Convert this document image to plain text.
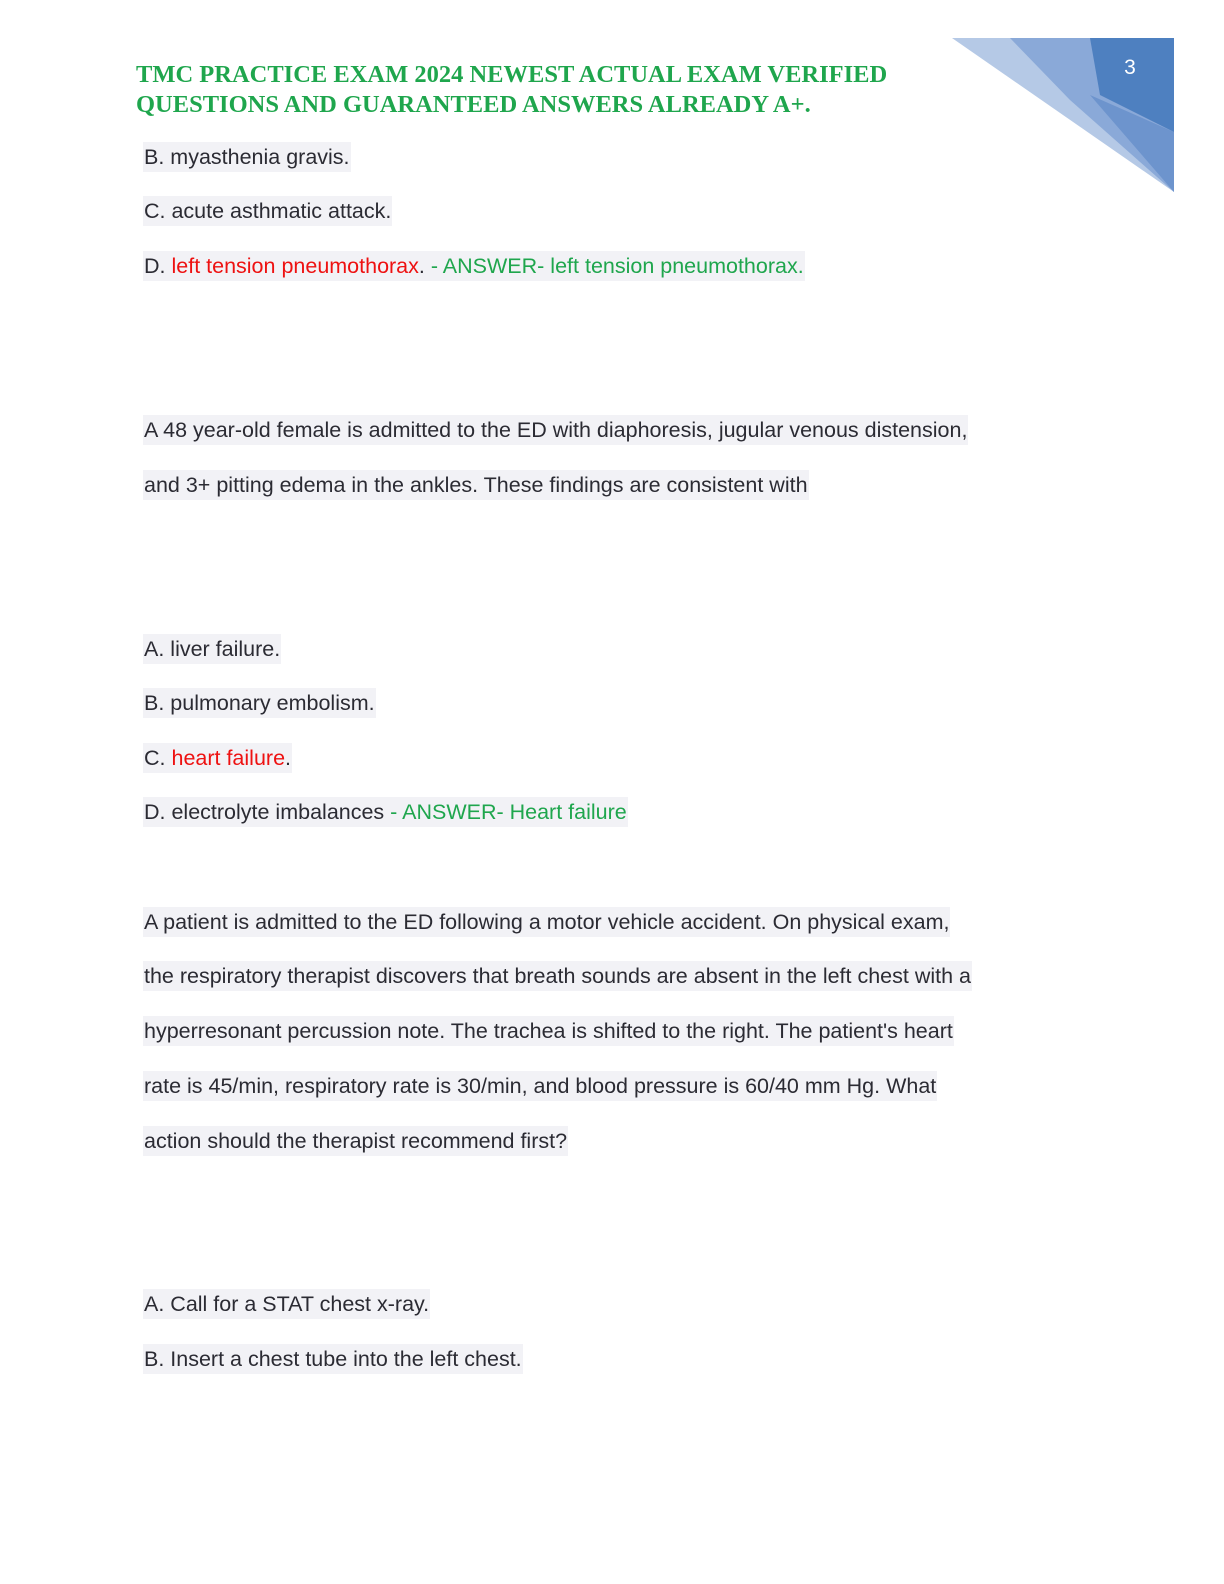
3
TMC PRACTICE EXAM 2024 NEWEST ACTUAL EXAM VERIFIED
QUESTIONS AND GUARANTEED ANSWERS ALREADY A+.
B. myasthenia gravis.
C. acute asthmatic attack.
D. left tension pneumothorax. - ANSWER- left tension pneumothorax.
A 48 year-old female is admitted to the ED with diaphoresis, jugular venous distension,
and 3+ pitting edema in the ankles. These findings are consistent with
A. liver failure.
B. pulmonary embolism.
C. heart failure.
D. electrolyte imbalances - ANSWER- Heart failure
A patient is admitted to the ED following a motor vehicle accident. On physical exam,
the respiratory therapist discovers that breath sounds are absent in the left chest with a
hyperresonant percussion note. The trachea is shifted to the right. The patient's heart
rate is 45/min, respiratory rate is 30/min, and blood pressure is 60/40 mm Hg. What
action should the therapist recommend first?
A. Call for a STAT chest x-ray.
B. Insert a chest tube into the left chest.
